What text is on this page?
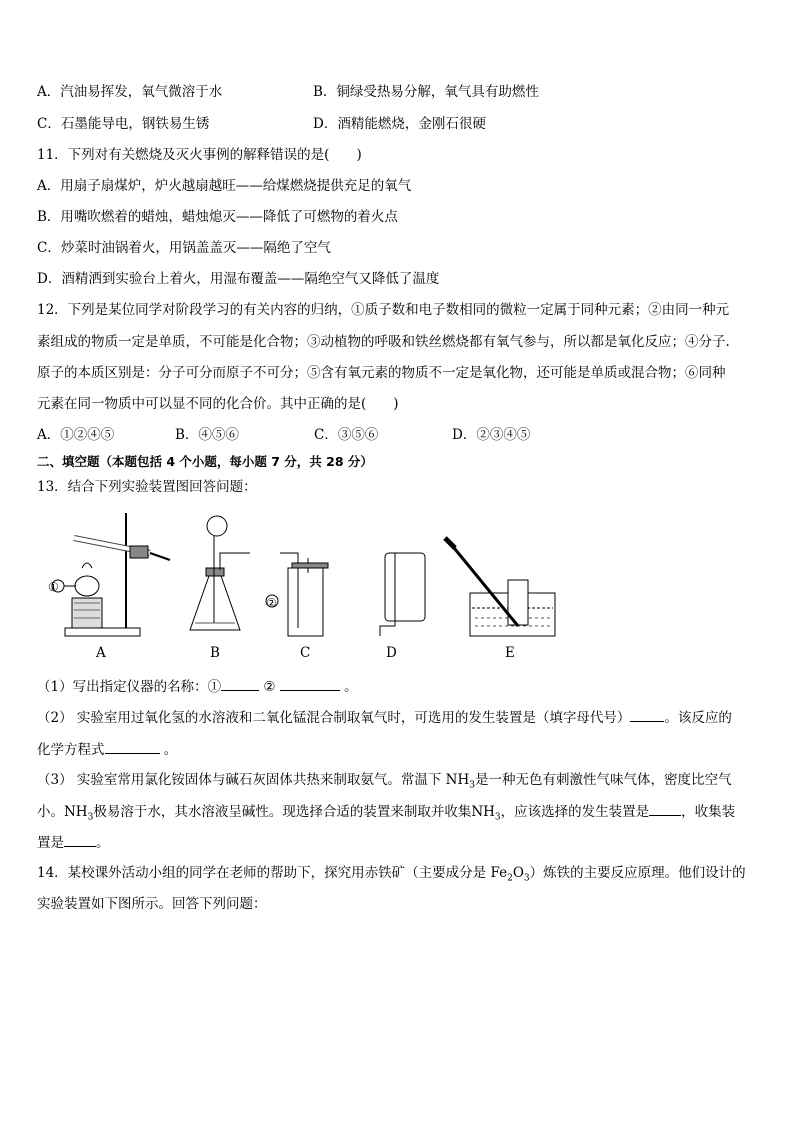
A．汽油易挥发，氧气微溶于水	B．铜绿受热易分解，氧气具有助燃性
C．石墨能导电，钢铁易生锈	D．酒精能燃烧，金刚石很硬
11．下列对有关燃烧及灭火事例的解释错误的是(　　)
A．用扇子扇煤炉，炉火越扇越旺——给煤燃烧提供充足的氧气
B．用嘴吹燃着的蜡烛，蜡烛熄灭——降低了可燃物的着火点
C．炒菜时油锅着火，用锅盖盖灭——隔绝了空气
D．酒精洒到实验台上着火，用湿布覆盖——隔绝空气又降低了温度
12．下列是某位同学对阶段学习的有关内容的归纳，①质子数和电子数相同的微粒一定属于同种元素；②由同一种元
素组成的物质一定是单质，不可能是化合物；③动植物的呼吸和铁丝燃烧都有氧气参与，所以都是氧化反应；④分子.
原子的本质区别是：分子可分而原子不可分；⑤含有氧元素的物质不一定是氧化物，还可能是单质或混合物；⑥同种
元素在同一物质中可以显不同的化合价。其中正确的是(　　)
A．①②④⑤	B．④⑤⑥	C．③⑤⑥	D．②③④⑤
二、填空题（本题包括 4 个小题，每小题 7 分，共 28 分）
13．结合下列实验装置图回答问题：
A	B	C	D	E
①
②
（1）写出指定仪器的名称：①	②	。
（2） 实验室用过氧化氢的水溶液和二氧化锰混合制取氧气时，可选用的发生装置是（填字母代号）	。该反应的
化学方程式	。
（3） 实验室常用氯化铵固体与碱石灰固体共热来制取氨气。常温下 $NH_3$是一种无色有刺激性气味气体，密度比空气
小。$NH_3$极易溶于水，其水溶液呈碱性。现选择合适的装置来制取并收集$NH_3$，应该选择的发生装置是 ，收集装
置是 。
14．某校课外活动小组的同学在老师的帮助下，探究用赤铁矿（主要成分是 $Fe_2O_3$）炼铁的主要反应原理。他们设计的
实验装置如下图所示。回答下列问题：
